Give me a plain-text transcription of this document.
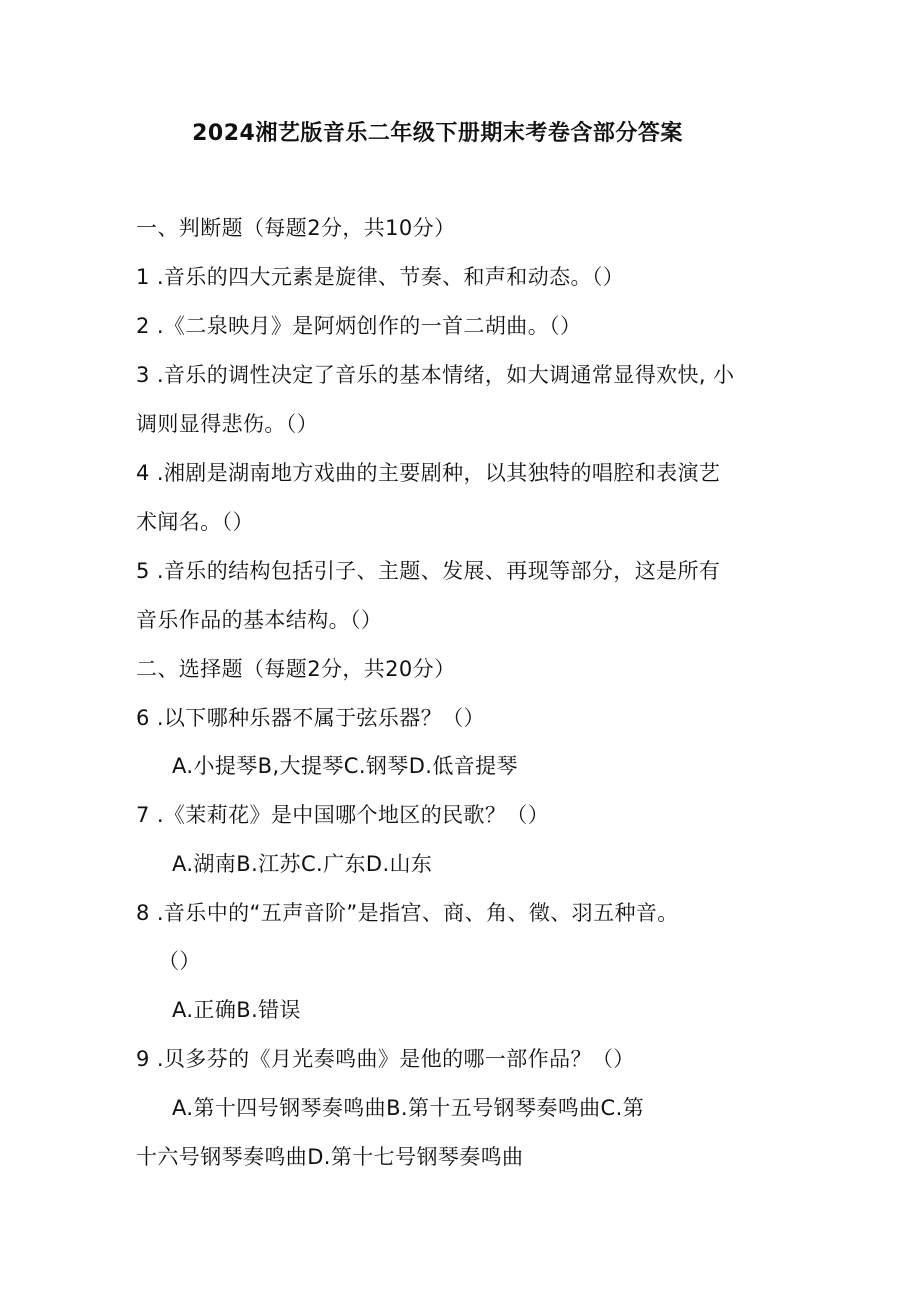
2024湘艺版音乐二年级下册期末考卷含部分答案
一、判断题（每题2分，共10分）
1 .音乐的四大元素是旋律、节奏、和声和动态。（）
2 .《二泉映月》是阿炳创作的一首二胡曲。（）
3 .音乐的调性决定了音乐的基本情绪，如大调通常显得欢快, 小
调则显得悲伤。（）
4 .湘剧是湖南地方戏曲的主要剧种，以其独特的唱腔和表演艺
术闻名。（）
5 .音乐的结构包括引子、主题、发展、再现等部分，这是所有
音乐作品的基本结构。（）
二、选择题（每题2分，共20分）
6 .以下哪种乐器不属于弦乐器？（）
A.小提琴B,大提琴C.钢琴D.低音提琴
7 .《茉莉花》是中国哪个地区的民歌？（）
A.湖南B.江苏C.广东D.山东
8 .音乐中的“五声音阶”是指宫、商、角、徵、羽五种音。
（）
A.正确B.错误
9 .贝多芬的《月光奏鸣曲》是他的哪一部作品？（）
A.第十四号钢琴奏鸣曲B.第十五号钢琴奏鸣曲C.第
十六号钢琴奏鸣曲D.第十七号钢琴奏鸣曲
